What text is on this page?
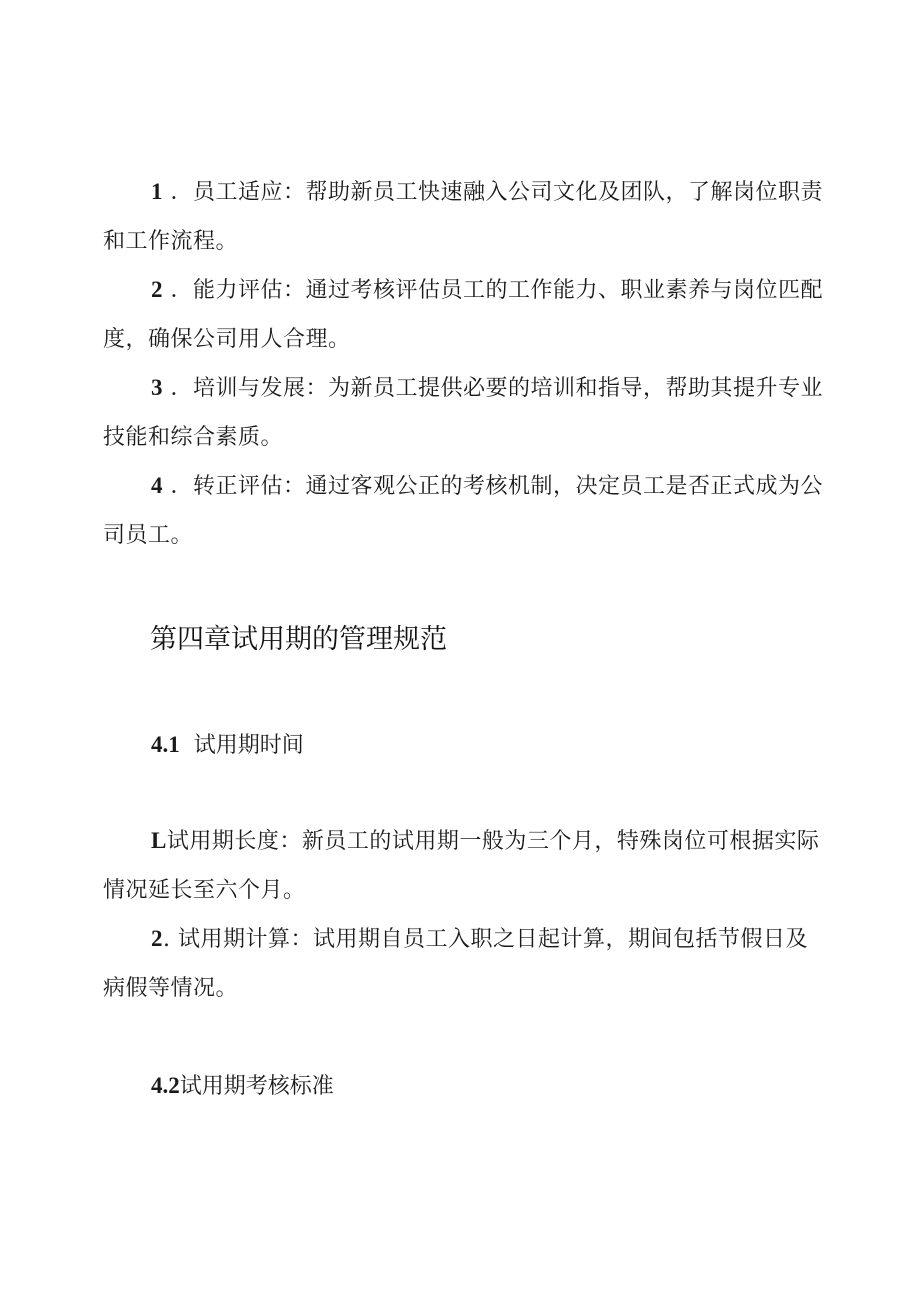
1 ．员工适应：帮助新员工快速融入公司文化及团队，了解岗位职责和工作流程。

2 ．能力评估：通过考核评估员工的工作能力、职业素养与岗位匹配度，确保公司用人合理。

3 ．培训与发展：为新员工提供必要的培训和指导，帮助其提升专业技能和综合素质。

4 ．转正评估：通过客观公正的考核机制，决定员工是否正式成为公司员工。

第四章试用期的管理规范
4.1 试用期时间

L试用期长度：新员工的试用期一般为三个月，特殊岗位可根据实际情况延长至六个月。

2. 试用期计算：试用期自员工入职之日起计算，期间包括节假日及病假等情况。

4.2试用期考核标准
